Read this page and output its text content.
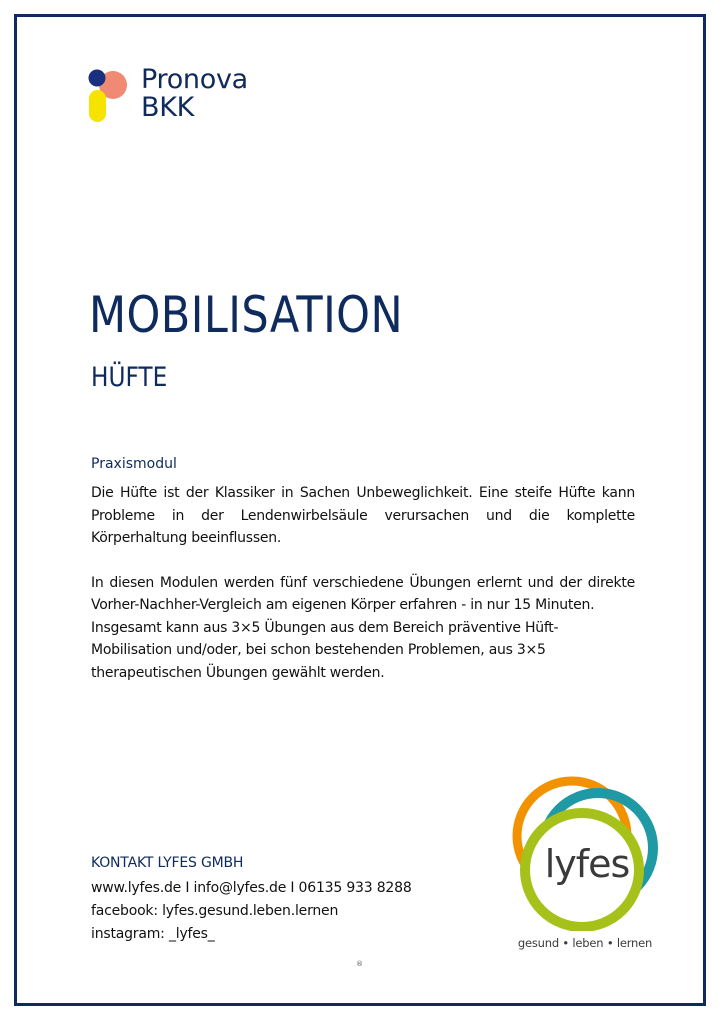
Pronova
BKK
MOBILISATION
HÜFTE
Praxismodul

Die Hüfte ist der Klassiker in Sachen Unbeweglichkeit. Eine steife Hüfte kann Probleme in der Lendenwirbelsäule verursachen und die komplette Körperhaltung beeinflussen.

In diesen Modulen werden fünf verschiedene Übungen erlernt und der direkte Vorher-Nachher-Vergleich am eigenen Körper erfahren - in nur 15 Minuten.

Insgesamt kann aus 3×5 Übungen aus dem Bereich präventive Hüft-Mobilisation und/oder, bei schon bestehenden Problemen, aus 3×5 therapeutischen Übungen gewählt werden.

KONTAKT LYFES GMBH
www.lyfes.de I info@lyfes.de I 06135 933 8288
facebook: lyfes.gesund.leben.lernen
instagram: _lyfes_
lyfes
gesund • leben • lernen
®
